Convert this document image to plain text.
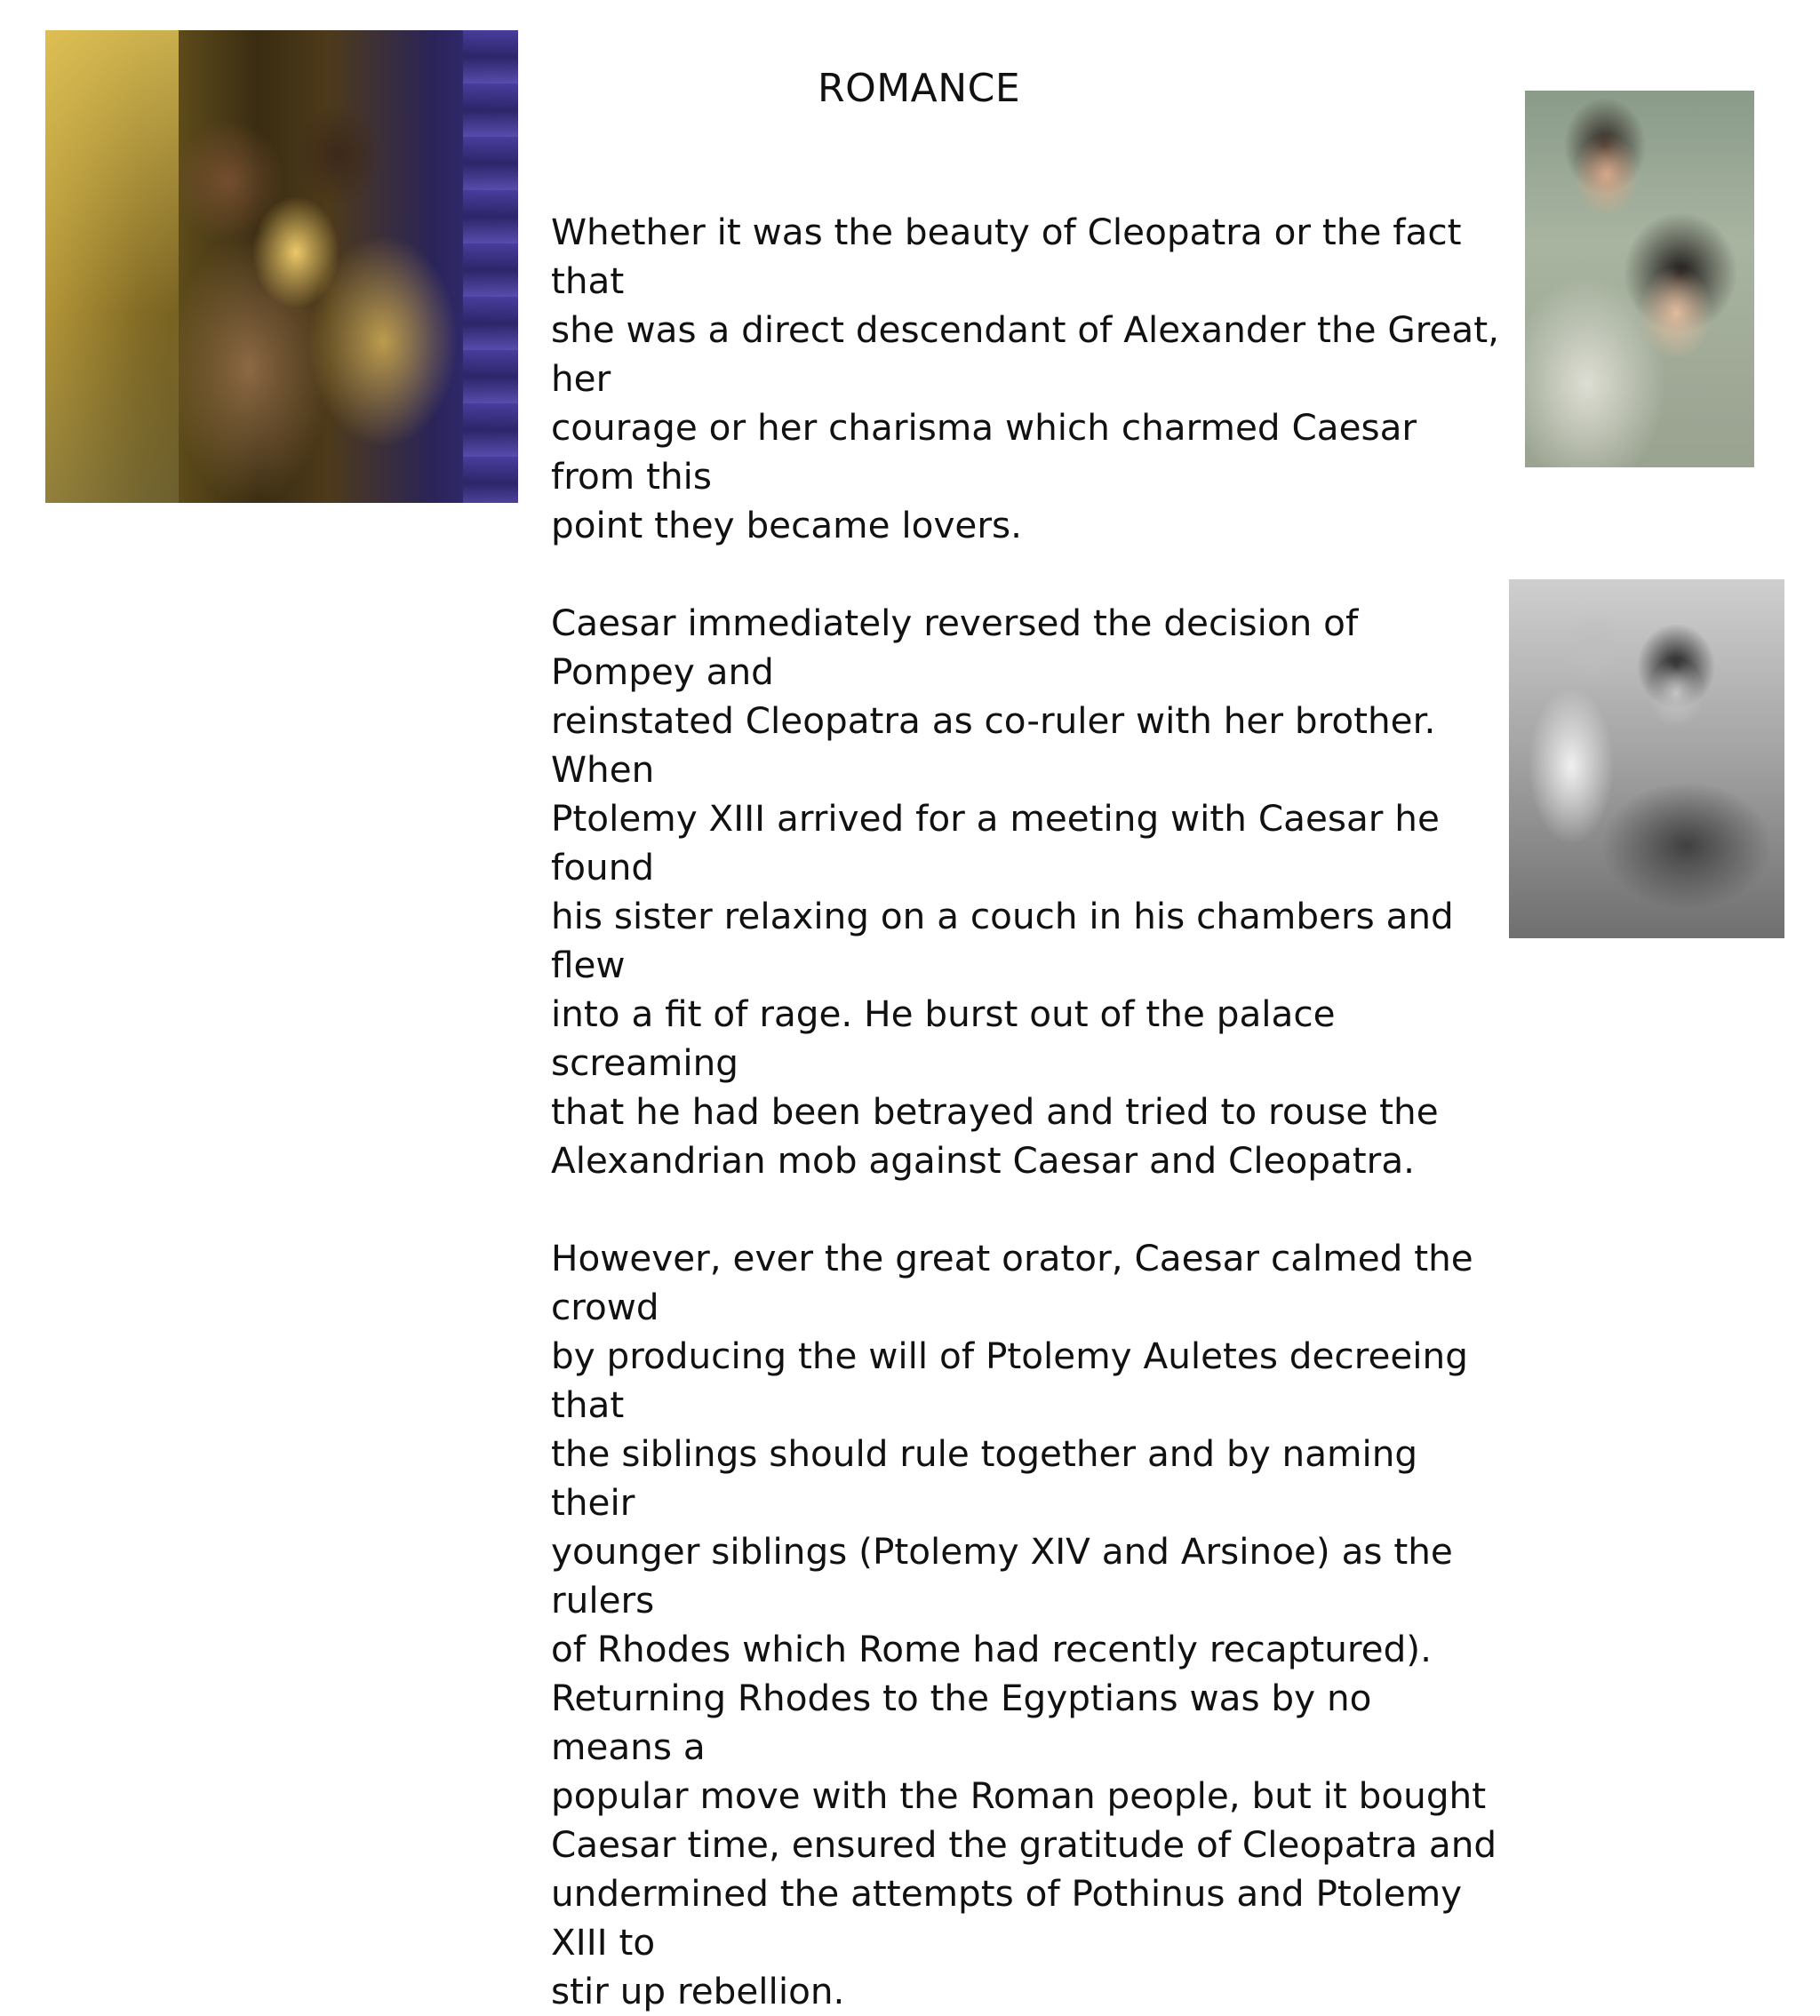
ROMANCE

Whether it was the beauty of Cleopatra or the fact that
she was a direct descendant of Alexander the Great, her
courage or her charisma which charmed Caesar from this
point they became lovers.

Caesar immediately reversed the decision of Pompey and
reinstated Cleopatra as co-ruler with her brother. When
Ptolemy XIII arrived for a meeting with Caesar he found
his sister relaxing on a couch in his chambers and flew
into a fit of rage. He burst out of the palace screaming
that he had been betrayed and tried to rouse the
Alexandrian mob against Caesar and Cleopatra.

However, ever the great orator, Caesar calmed the crowd
by producing the will of Ptolemy Auletes decreeing that
the siblings should rule together and by naming their
younger siblings (Ptolemy XIV and Arsinoe) as the rulers
of Rhodes which Rome had recently recaptured).
Returning Rhodes to the Egyptians was by no means a
popular move with the Roman people, but it bought
Caesar time, ensured the gratitude of Cleopatra and
undermined the attempts of Pothinus and Ptolemy XIII to
stir up rebellion.
